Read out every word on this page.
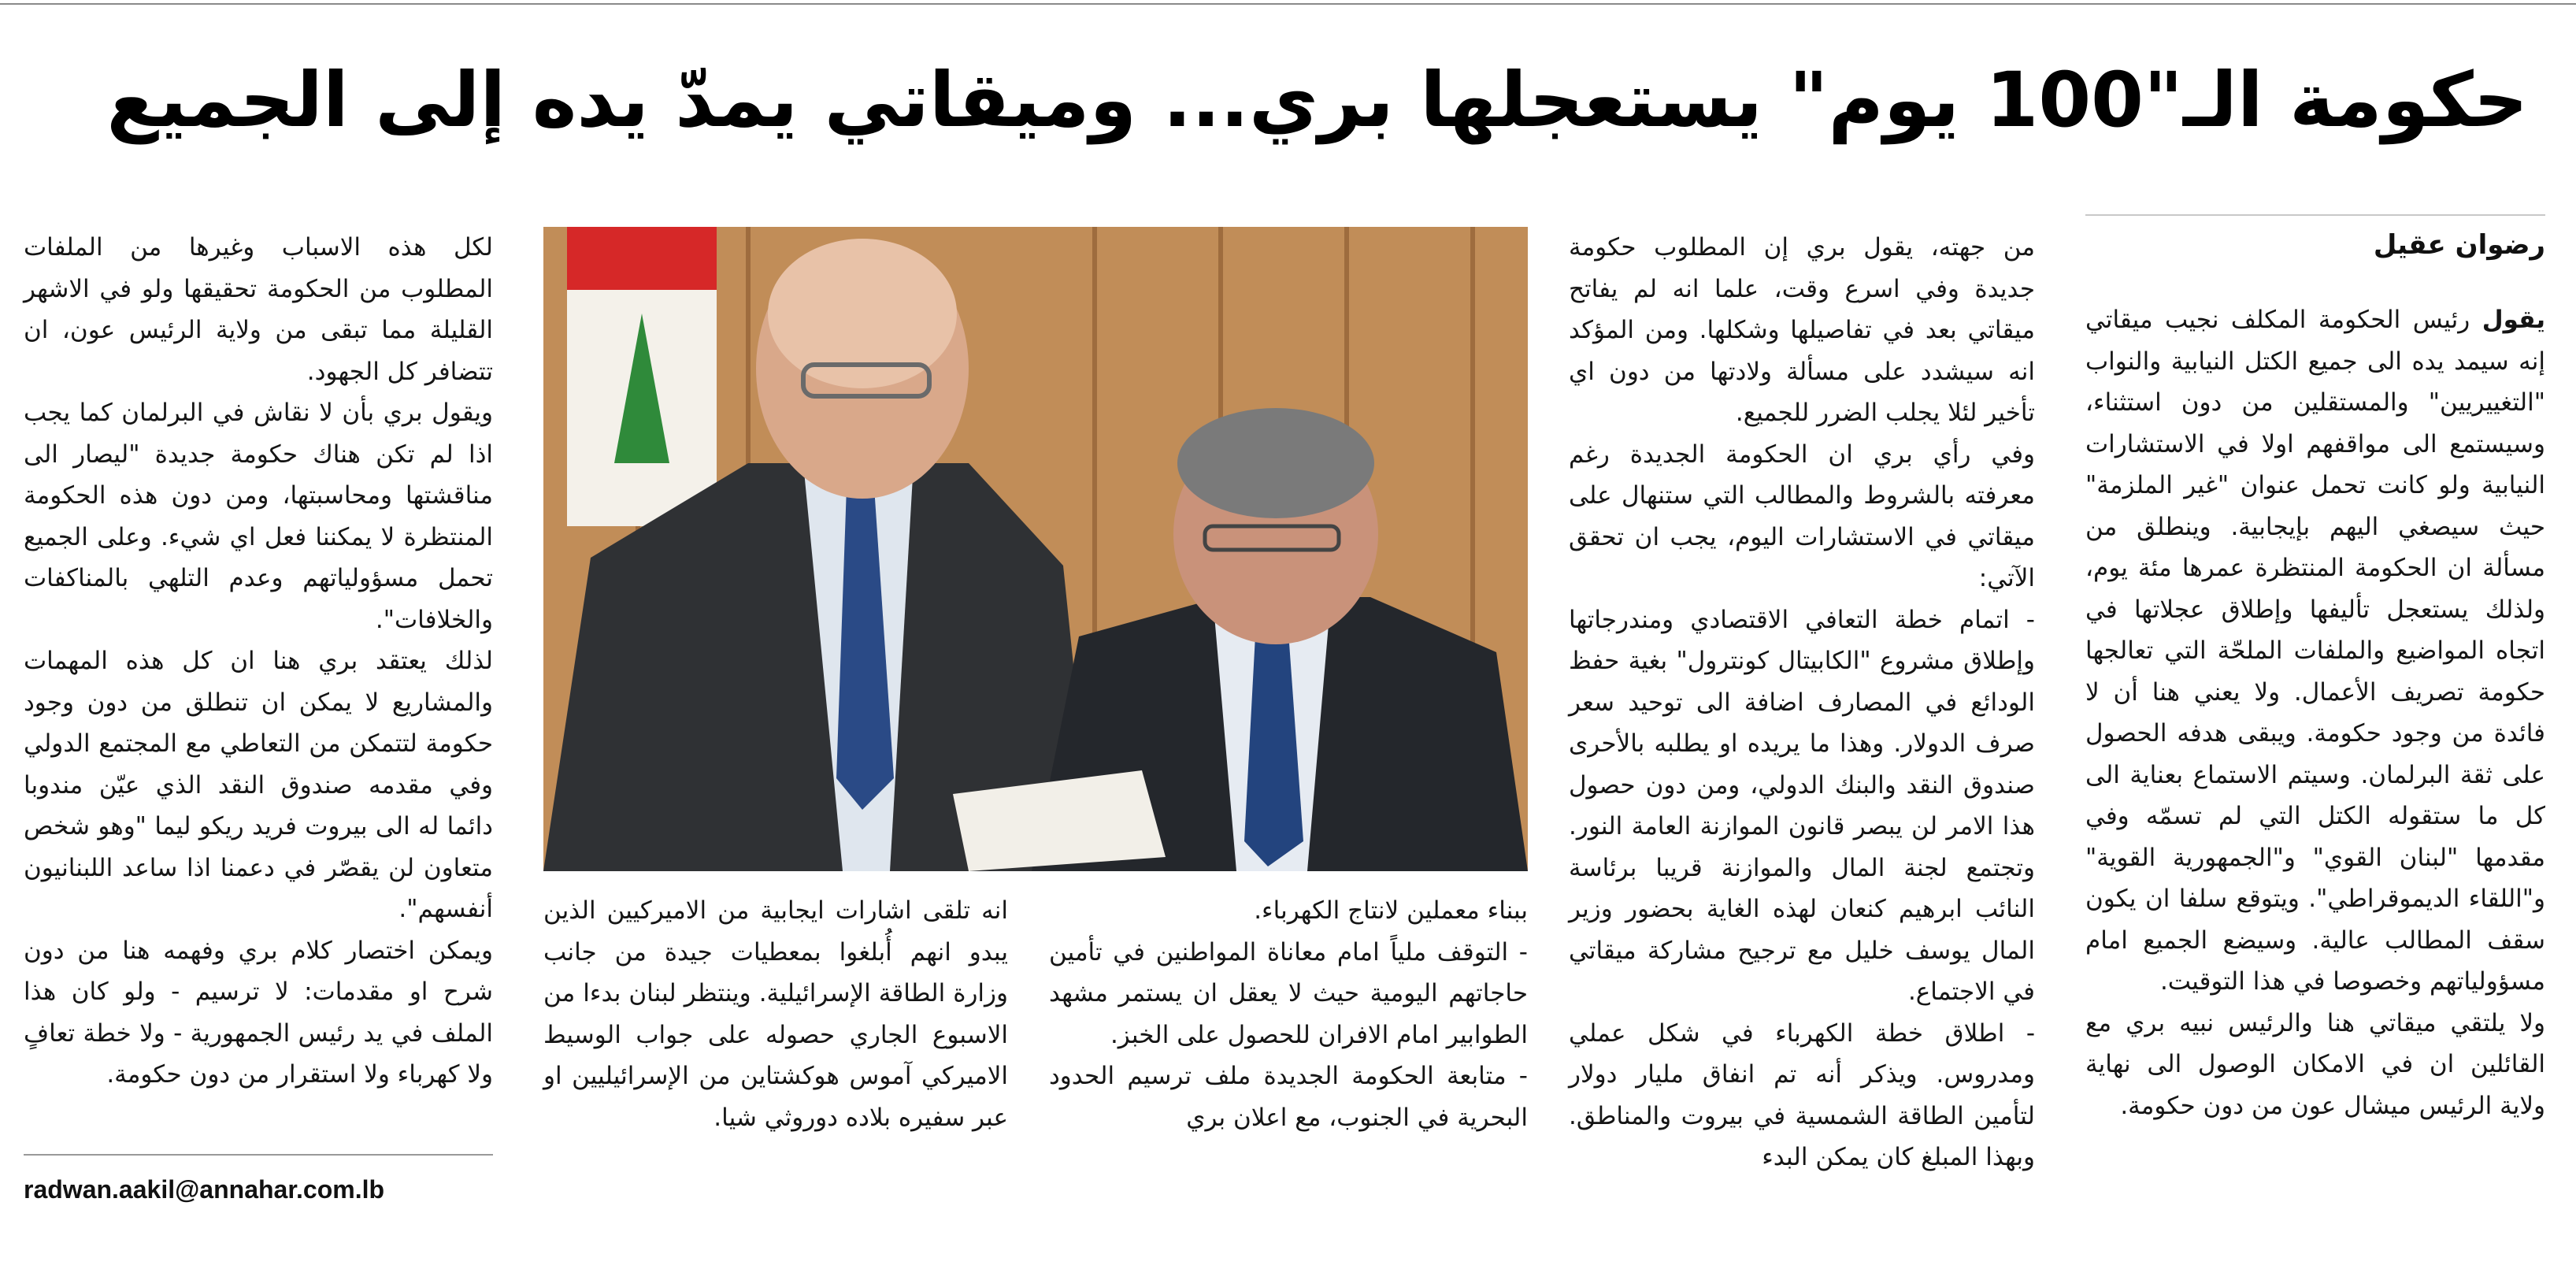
حكومة الـ"100 يوم" يستعجلها بري... وميقاتي يمدّ يده إلى الجميع
رضوان عقيل

يقول رئيس الحكومة المكلف نجيب ميقاتي إنه سيمد يده الى جميع الكتل النيابية والنواب "التغييريين" والمستقلين من دون استثناء، وسيستمع الى مواقفهم اولا في الاستشارات النيابية ولو كانت تحمل عنوان "غير الملزمة" حيث سيصغي اليهم بإيجابية. وينطلق من مسألة ان الحكومة المنتظرة عمرها مئة يوم، ولذلك يستعجل تأليفها وإطلاق عجلاتها في اتجاه المواضيع والملفات الملحّة التي تعالجها حكومة تصريف الأعمال. ولا يعني هنا أن لا فائدة من وجود حكومة. ويبقى هدفه الحصول على ثقة البرلمان. وسيتم الاستماع بعناية الى كل ما ستقوله الكتل التي لم تسمّه وفي مقدمها "لبنان القوي" و"الجمهورية القوية" و"اللقاء الديموقراطي". ويتوقع سلفا ان يكون سقف المطالب عالية. وسيضع الجميع امام مسؤولياتهم وخصوصا في هذا التوقيت.

ولا يلتقي ميقاتي هنا والرئيس نبيه بري مع القائلين ان في الامكان الوصول الى نهاية ولاية الرئيس ميشال عون من دون حكومة.

من جهته، يقول بري إن المطلوب حكومة جديدة وفي اسرع وقت، علما انه لم يفاتح ميقاتي بعد في تفاصيلها وشكلها. ومن المؤكد انه سيشدد على مسألة ولادتها من دون اي تأخير لئلا يجلب الضرر للجميع.

وفي رأي بري ان الحكومة الجديدة رغم معرفته بالشروط والمطالب التي ستنهال على ميقاتي في الاستشارات اليوم، يجب ان تحقق الآتي:

- اتمام خطة التعافي الاقتصادي ومندرجاتها وإطلاق مشروع "الكابيتال كونترول" بغية حفظ الودائع في المصارف اضافة الى توحيد سعر صرف الدولار. وهذا ما يريده او يطلبه بالأحرى صندوق النقد والبنك الدولي، ومن دون حصول هذا الامر لن يبصر قانون الموازنة العامة النور. وتجتمع لجنة المال والموازنة قريبا برئاسة النائب ابرهيم كنعان لهذه الغاية بحضور وزير المال يوسف خليل مع ترجيح مشاركة ميقاتي في الاجتماع.

- اطلاق خطة الكهرباء في شكل عملي ومدروس. ويذكر أنه تم انفاق مليار دولار لتأمين الطاقة الشمسية في بيروت والمناطق. وبهذا المبلغ كان يمكن البدء

ببناء معملين لانتاج الكهرباء.

- التوقف ملياً امام معاناة المواطنين في تأمين حاجاتهم اليومية حيث لا يعقل ان يستمر مشهد الطوابير امام الافران للحصول على الخبز.

- متابعة الحكومة الجديدة ملف ترسيم الحدود البحرية في الجنوب، مع اعلان بري

انه تلقى اشارات ايجابية من الاميركيين الذين يبدو انهم أُبلغوا بمعطيات جيدة من جانب وزارة الطاقة الإسرائيلية. وينتظر لبنان بدءا من الاسبوع الجاري حصوله على جواب الوسيط الاميركي آموس هوكشتاين من الإسرائيليين او عبر سفيره بلاده دوروثي شيا.

لكل هذه الاسباب وغيرها من الملفات المطلوب من الحكومة تحقيقها ولو في الاشهر القليلة مما تبقى من ولاية الرئيس عون، ان تتضافر كل الجهود.

ويقول بري بأن لا نقاش في البرلمان كما يجب اذا لم تكن هناك حكومة جديدة "ليصار الى مناقشتها ومحاسبتها، ومن دون هذه الحكومة المنتظرة لا يمكننا فعل اي شيء. وعلى الجميع تحمل مسؤولياتهم وعدم التلهي بالمناكفات والخلافات".

لذلك يعتقد بري هنا ان كل هذه المهمات والمشاريع لا يمكن ان تنطلق من دون وجود حكومة لتتمكن من التعاطي مع المجتمع الدولي وفي مقدمه صندوق النقد الذي عيّن مندوبا دائما له الى بيروت فريد ريكو ليما "وهو شخص متعاون لن يقصّر في دعمنا اذا ساعد اللبنانيون أنفسهم".

ويمكن اختصار كلام بري وفهمه هنا من دون شرح او مقدمات: لا ترسيم - ولو كان هذا الملف في يد رئيس الجمهورية - ولا خطة تعافٍ ولا كهرباء ولا استقرار من دون حكومة.

radwan.aakil@annahar.com.lb
